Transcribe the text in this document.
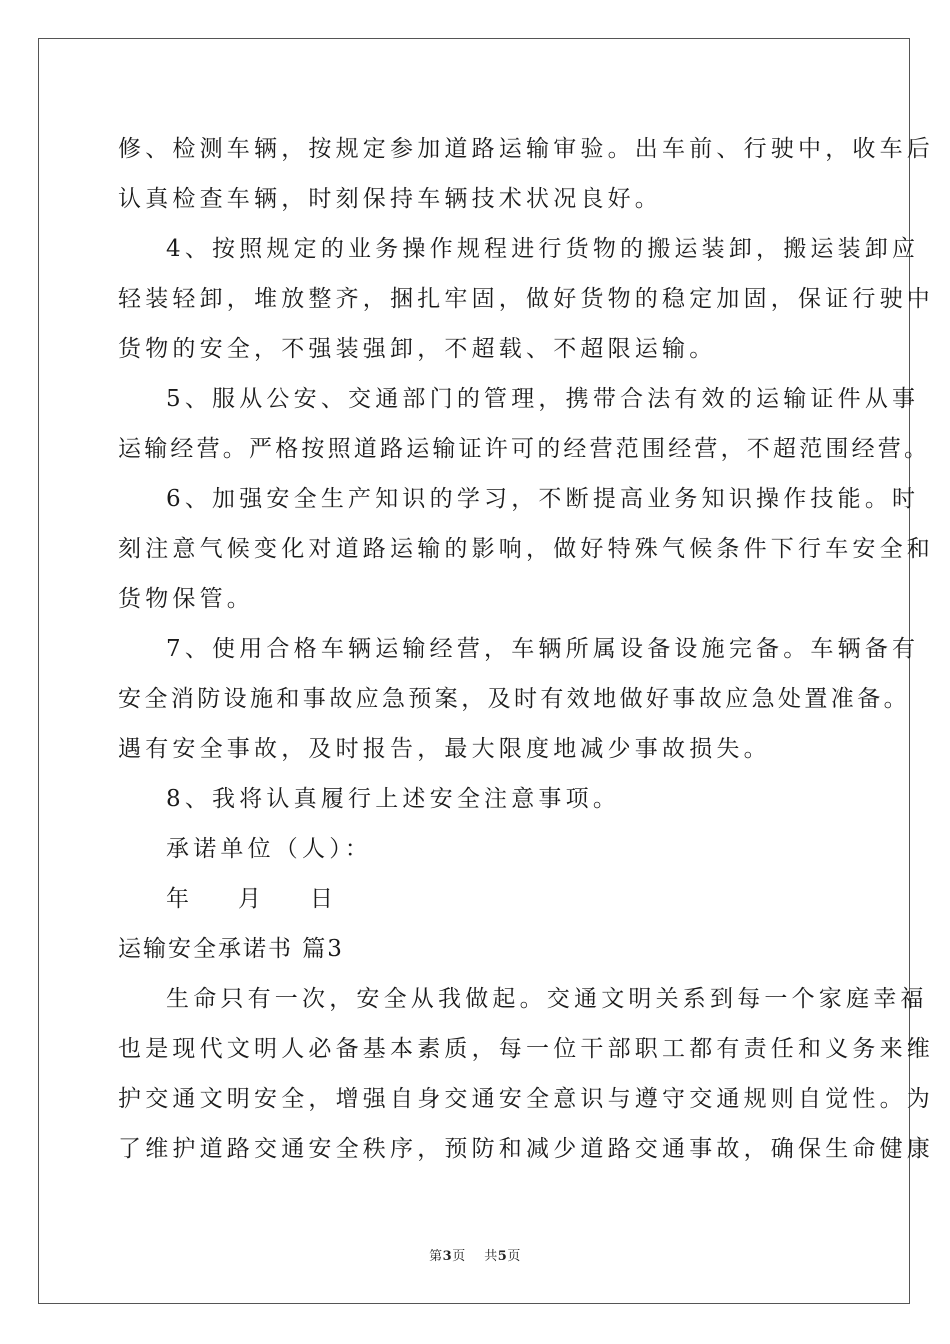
修、检测车辆，按规定参加道路运输审验。出车前、行驶中，收车后
认真检查车辆，时刻保持车辆技术状况良好。
4、按照规定的业务操作规程进行货物的搬运装卸，搬运装卸应
轻装轻卸，堆放整齐，捆扎牢固，做好货物的稳定加固，保证行驶中
货物的安全，不强装强卸，不超载、不超限运输。
5、服从公安、交通部门的管理，携带合法有效的运输证件从事
运输经营。严格按照道路运输证许可的经营范围经营，不超范围经营。
6、加强安全生产知识的学习，不断提高业务知识操作技能。时
刻注意气候变化对道路运输的影响，做好特殊气候条件下行车安全和
货物保管。
7、使用合格车辆运输经营，车辆所属设备设施完备。车辆备有
安全消防设施和事故应急预案，及时有效地做好事故应急处置准备。
遇有安全事故，及时报告，最大限度地减少事故损失。
8、我将认真履行上述安全注意事项。
承诺单位（人）：
年 月 日
运输安全承诺书 篇3
生命只有一次，安全从我做起。交通文明关系到每一个家庭幸福
也是现代文明人必备基本素质，每一位干部职工都有责任和义务来维
护交通文明安全，增强自身交通安全意识与遵守交通规则自觉性。为
了维护道路交通安全秩序，预防和减少道路交通事故，确保生命健康
第3页 共5页
